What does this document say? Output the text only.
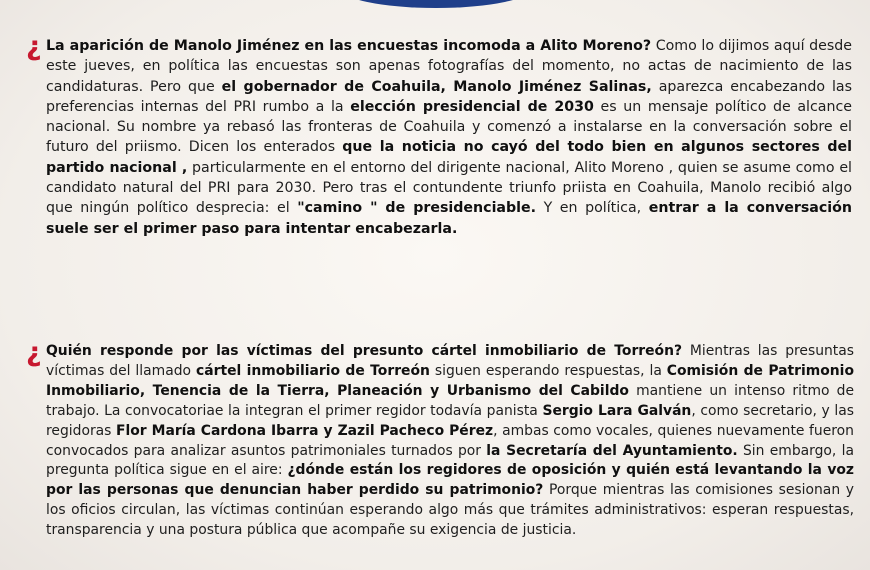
¿ La aparición de Manolo Jiménez en las encuestas incomoda a Alito Moreno? Como lo dijimos aquí desde este jueves, en política las encuestas son apenas fotografías del momento, no actas de nacimiento de las candidaturas. Pero que el gobernador de Coahuila, Manolo Jiménez Salinas, aparezca encabezando las preferencias internas del PRI rumbo a la elección presidencial de 2030 es un mensaje político de alcance nacional. Su nombre ya rebasó las fronteras de Coahuila y comenzó a instalarse en la conversación sobre el futuro del priismo. Dicen los enterados que la noticia no cayó del todo bien en algunos sectores del partido nacional , particularmente en el entorno del dirigente nacional, Alito Moreno , quien se asume como el candidato natural del PRI para 2030. Pero tras el contundente triunfo priista en Coahuila, Manolo recibió algo que ningún político desprecia: el "camino " de presidenciable. Y en política, entrar a la conversación suele ser el primer paso para intentar encabezarla.
¿ Quién responde por las víctimas del presunto cártel inmobiliario de Torreón? Mientras las presuntas víctimas del llamado cártel inmobiliario de Torreón siguen esperando respuestas, la Comisión de Patrimonio Inmobiliario, Tenencia de la Tierra, Planeación y Urbanismo del Cabildo mantiene un intenso ritmo de trabajo. La convocatoriae la integran el primer regidor todavía panista Sergio Lara Galván, como secretario, y las regidoras Flor María Cardona Ibarra y Zazil Pacheco Pérez, ambas como vocales, quienes nuevamente fueron convocados para analizar asuntos patrimoniales turnados por la Secretaría del Ayuntamiento. Sin embargo, la pregunta política sigue en el aire: ¿dónde están los regidores de oposición y quién está levantando la voz por las personas que denuncian haber perdido su patrimonio? Porque mientras las comisiones sesionan y los oficios circulan, las víctimas continúan esperando algo más que trámites administrativos: esperan respuestas, transparencia y una postura pública que acompañe su exigencia de justicia.
